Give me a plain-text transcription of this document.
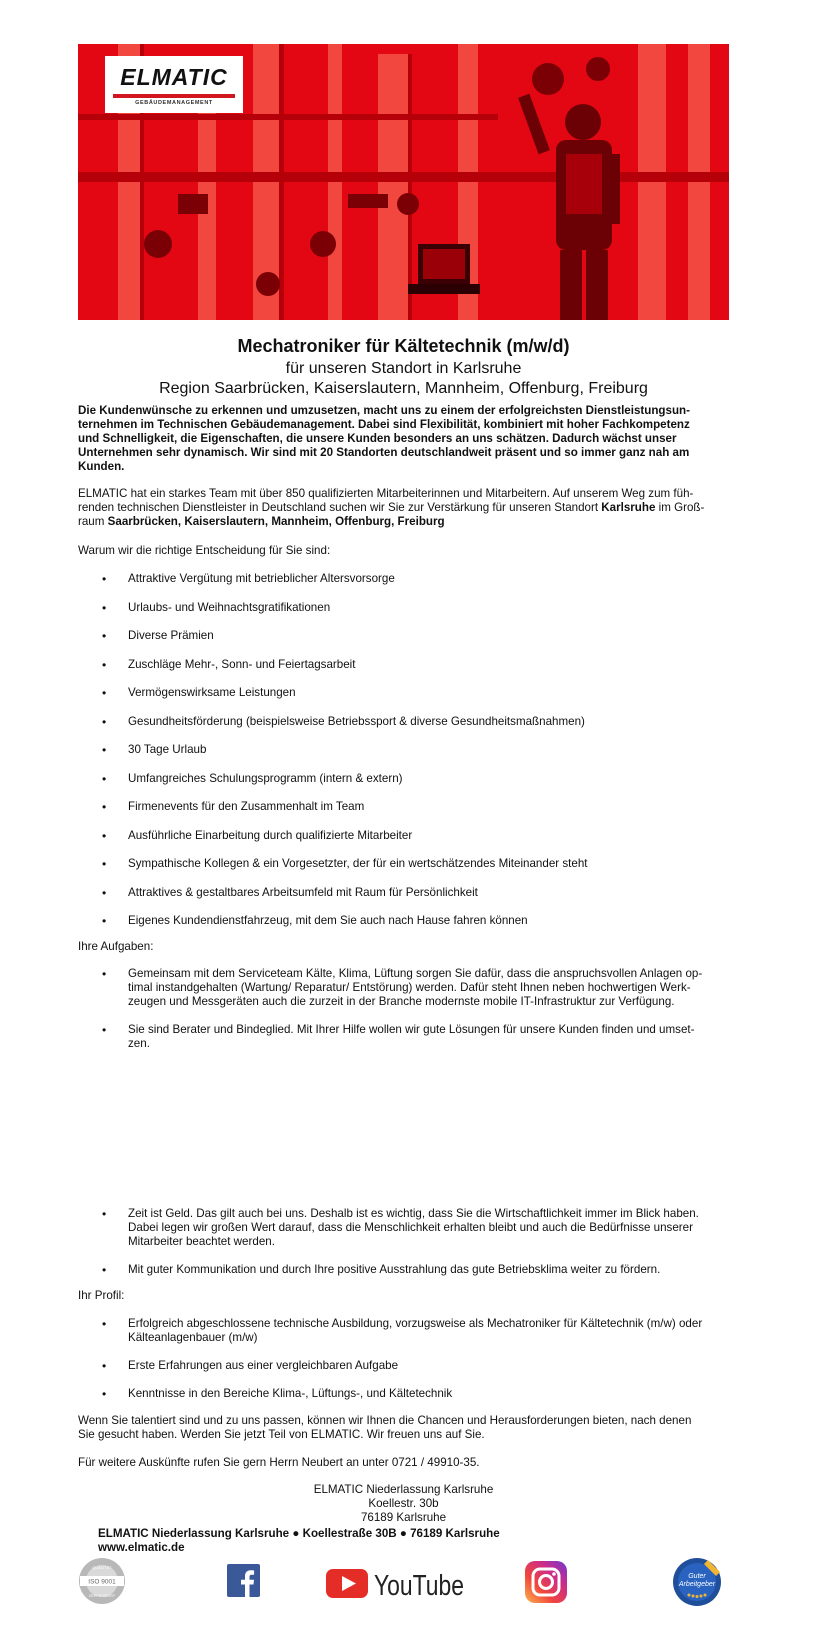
ELMATIC
GEBÄUDEMANAGEMENT
Mechatroniker für Kältetechnik (m/w/d)
für unseren Standort in Karlsruhe
Region Saarbrücken, Kaiserslautern, Mannheim, Offenburg, Freiburg
Die Kundenwünsche zu erkennen und umzusetzen, macht uns zu einem der erfolgreichsten Dienstleistungsun-
ternehmen im Technischen Gebäudemanagement. Dabei sind Flexibilität, kombiniert mit hoher Fachkompetenz
und Schnelligkeit, die Eigenschaften, die unsere Kunden besonders an uns schätzen. Dadurch wächst unser
Unternehmen sehr dynamisch. Wir sind mit 20 Standorten deutschlandweit präsent und so immer ganz nah am
Kunden.
ELMATIC hat ein starkes Team mit über 850 qualifizierten Mitarbeiterinnen und Mitarbeitern. Auf unserem Weg zum füh-
renden technischen Dienstleister in Deutschland suchen wir Sie zur Verstärkung für unseren Standort Karlsruhe im Groß-
raum Saarbrücken, Kaiserslautern, Mannheim, Offenburg, Freiburg
Warum wir die richtige Entscheidung für Sie sind:
• Attraktive Vergütung mit betrieblicher Altersvorsorge
• Urlaubs- und Weihnachtsgratifikationen
• Diverse Prämien
• Zuschläge Mehr-, Sonn- und Feiertagsarbeit
• Vermögenswirksame Leistungen
• Gesundheitsförderung (beispielsweise Betriebssport & diverse Gesundheitsmaßnahmen)
• 30 Tage Urlaub
• Umfangreiches Schulungsprogramm (intern & extern)
• Firmenevents für den Zusammenhalt im Team
• Ausführliche Einarbeitung durch qualifizierte Mitarbeiter
• Sympathische Kollegen & ein Vorgesetzter, der für ein wertschätzendes Miteinander steht
• Attraktives & gestaltbares Arbeitsumfeld mit Raum für Persönlichkeit
• Eigenes Kundendienstfahrzeug, mit dem Sie auch nach Hause fahren können
Ihre Aufgaben:
• Gemeinsam mit dem Serviceteam Kälte, Klima, Lüftung sorgen Sie dafür, dass die anspruchsvollen Anlagen op-
timal instandgehalten (Wartung/ Reparatur/ Entstörung) werden. Dafür steht Ihnen neben hochwertigen Werk-
zeugen und Messgeräten auch die zurzeit in der Branche modernste mobile IT-Infrastruktur zur Verfügung.
• Sie sind Berater und Bindeglied. Mit Ihrer Hilfe wollen wir gute Lösungen für unsere Kunden finden und umset-
zen.
• Zeit ist Geld. Das gilt auch bei uns. Deshalb ist es wichtig, dass Sie die Wirtschaftlichkeit immer im Blick haben.
Dabei legen wir großen Wert darauf, dass die Menschlichkeit erhalten bleibt und auch die Bedürfnisse unserer
Mitarbeiter beachtet werden.
• Mit guter Kommunikation und durch Ihre positive Ausstrahlung das gute Betriebsklima weiter zu fördern.
Ihr Profil:
• Erfolgreich abgeschlossene technische Ausbildung, vorzugsweise als Mechatroniker für Kältetechnik (m/w) oder
Kälteanlagenbauer (m/w)
• Erste Erfahrungen aus einer vergleichbaren Aufgabe
• Kenntnisse in den Bereiche Klima-, Lüftungs-, und Kältetechnik
Wenn Sie talentiert sind und zu uns passen, können wir Ihnen die Chancen und Herausforderungen bieten, nach denen
Sie gesucht haben. Werden Sie jetzt Teil von ELMATIC. Wir freuen uns auf Sie.
Für weitere Auskünfte rufen Sie gern Herrn Neubert an unter 0721 / 49910-35.
ELMATIC Niederlassung Karlsruhe
Koellestr. 30b
76189 Karlsruhe
ELMATIC Niederlassung Karlsruhe ● Koellestraße 30B ● 76189 Karlsruhe
www.elmatic.de
ISO 9001
QUALITÄT
ZERTIFIZIERT	YouTube	Guter
Arbeitgeber
